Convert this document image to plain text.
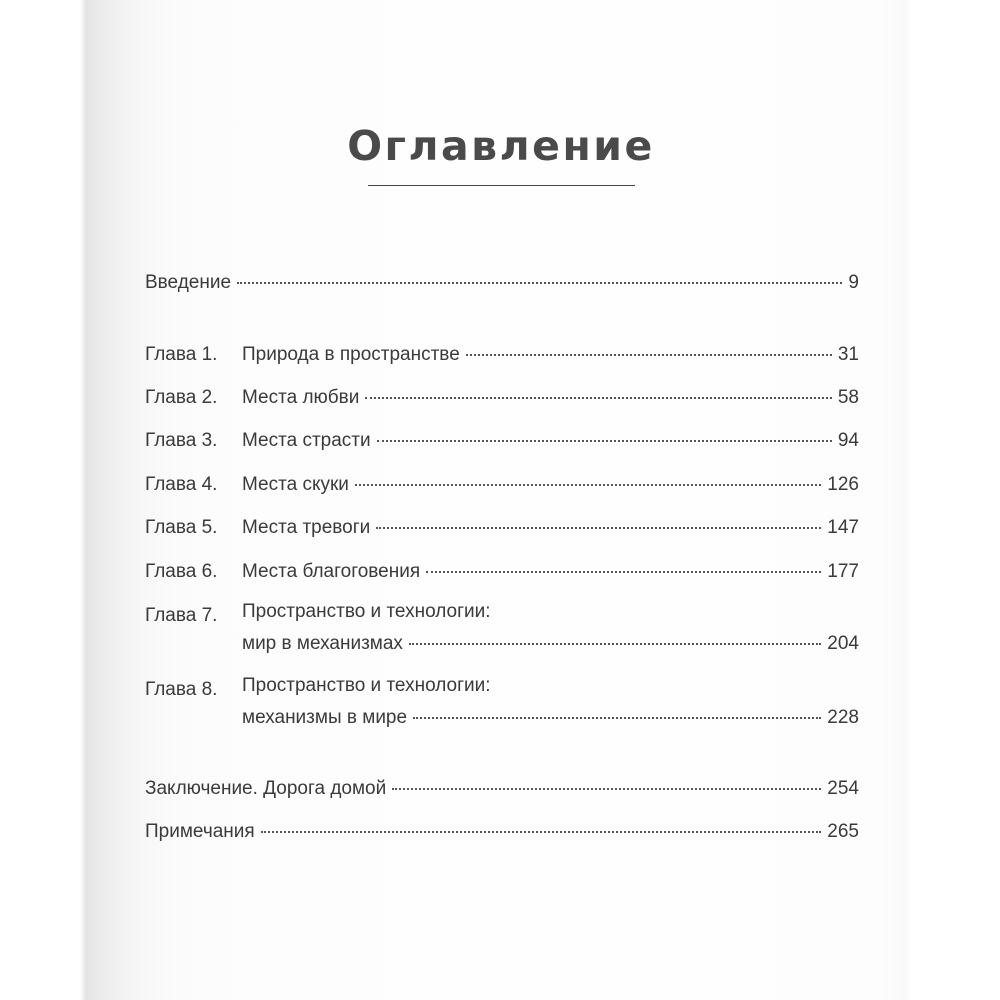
Оглавление
Введение	9
Глава 1. Природа в пространстве	31
Глава 2. Места любви	58
Глава 3. Места страсти	94
Глава 4. Места скуки	126
Глава 5. Места тревоги	147
Глава 6. Места благоговения	177
Глава 7. Пространство и технологии:
мир в механизмах	204
Глава 8. Пространство и технологии:
механизмы в мире	228
Заключение. Дорога домой	254
Примечания	265
